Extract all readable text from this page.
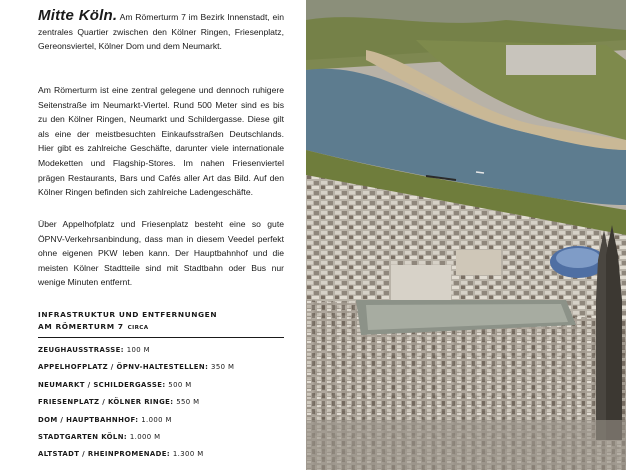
Mitte Köln. Am Römerturm 7 im Bezirk Innenstadt, ein zentrales Quartier zwischen den Kölner Ringen, Friesenplatz, Gereonsviertel, Kölner Dom und dem Neumarkt.

Am Römerturm ist eine zentral gelegene und dennoch ruhigere Seitenstraße im Neumarkt-Viertel. Rund 500 Meter sind es bis zu den Kölner Ringen, Neumarkt und Schildergasse. Diese gilt als eine der meistbesuchten Einkaufsstraßen Deutschlands. Hier gibt es zahlreiche Geschäfte, darunter viele internationale Modeketten und Flagship-Stores. Im nahen Friesenviertel prägen Restaurants, Bars und Cafés aller Art das Bild. Auf den Kölner Ringen befinden sich zahlreiche Ladengeschäfte.

Über Appelhofplatz und Friesenplatz besteht eine so gute ÖPNV-Verkehrsanbindung, dass man in diesem Veedel perfekt ohne eigenen PKW leben kann. Der Hauptbahnhof und die meisten Kölner Stadtteile sind mit Stadtbahn oder Bus nur wenige Minuten entfernt.

INFRASTRUKTUR UND ENTFERNUNGEN
AM RÖMERTURM 7 CIRCA
ZEUGHAUSSTRASSE: 100 M
APPELHOFPLATZ / ÖPNV-HALTESTELLEN: 350 M
NEUMARKT / SCHILDERGASSE: 500 M
FRIESENPLATZ / KÖLNER RINGE: 550 M
DOM / HAUPTBAHNHOF: 1.000 M
STADTGARTEN KÖLN: 1.000 M
ALTSTADT / RHEINPROMENADE: 1.300 M
